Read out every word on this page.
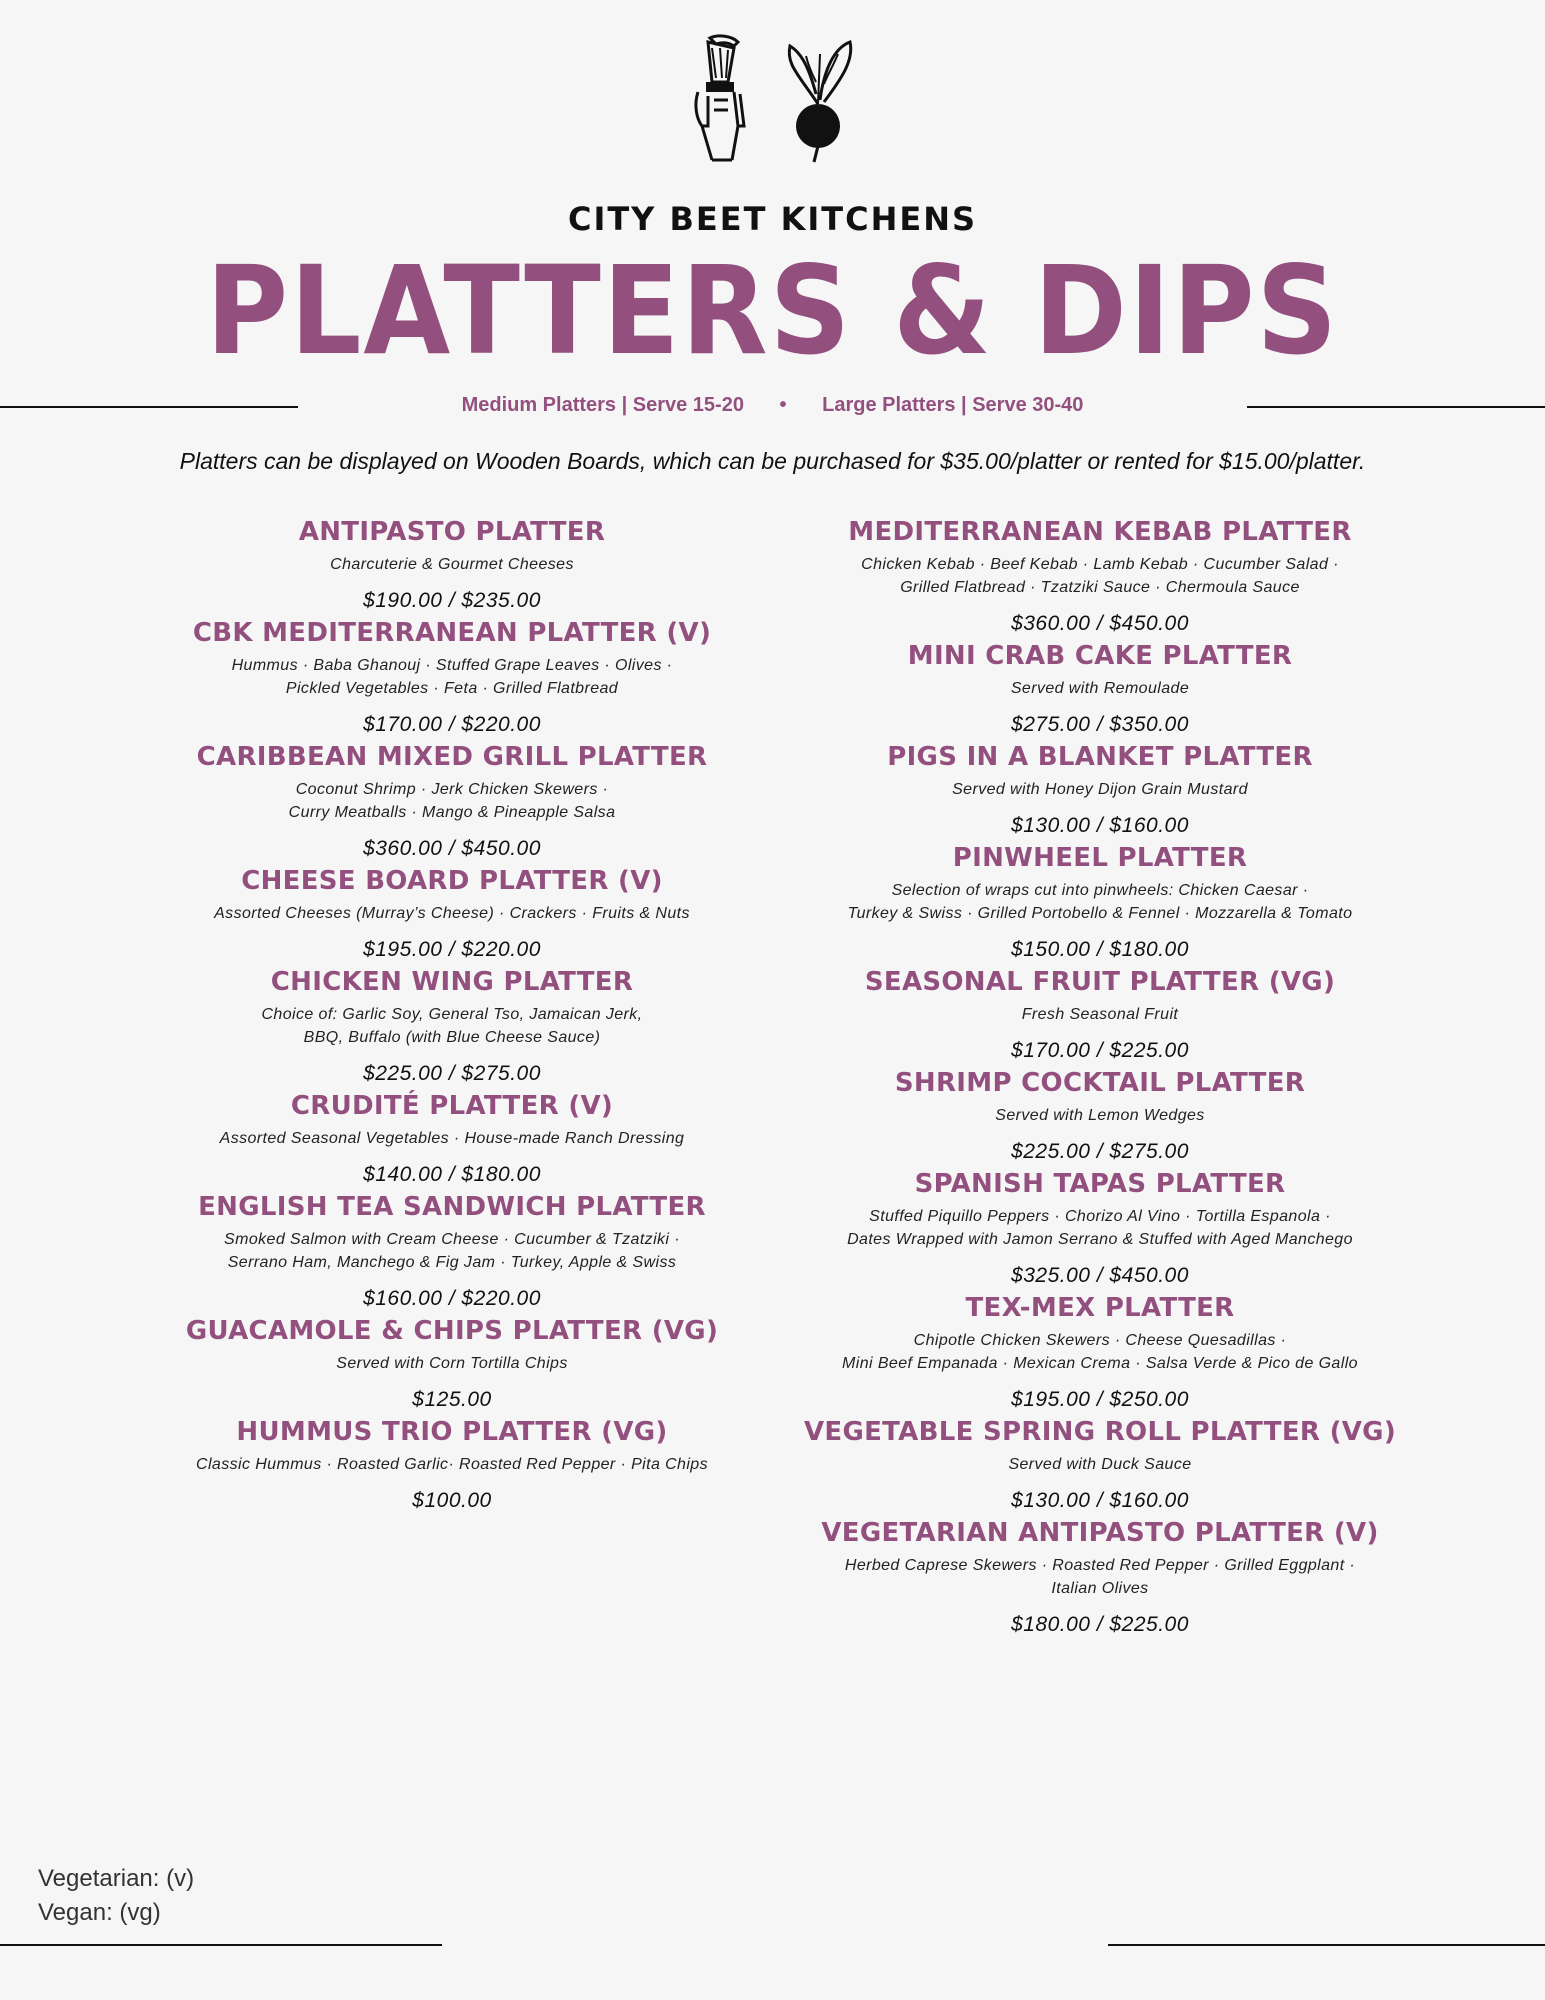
CITY BEET KITCHENS
PLATTERS & DIPS
Medium Platters | Serve 15-20 • Large Platters | Serve 30-40
Platters can be displayed on Wooden Boards, which can be purchased for $35.00/platter or rented for $15.00/platter.
ANTIPASTO PLATTER
Charcuterie & Gourmet Cheeses
$190.00 / $235.00
CBK MEDITERRANEAN PLATTER (V)
Hummus · Baba Ghanouj · Stuffed Grape Leaves · Olives ·
Pickled Vegetables · Feta · Grilled Flatbread
$170.00 / $220.00
CARIBBEAN MIXED GRILL PLATTER
Coconut Shrimp · Jerk Chicken Skewers ·
Curry Meatballs · Mango & Pineapple Salsa
$360.00 / $450.00
CHEESE BOARD PLATTER (V)
Assorted Cheeses (Murray’s Cheese) · Crackers · Fruits & Nuts
$195.00 / $220.00
CHICKEN WING PLATTER
Choice of: Garlic Soy, General Tso, Jamaican Jerk,
BBQ, Buffalo (with Blue Cheese Sauce)
$225.00 / $275.00
CRUDITÉ PLATTER (V)
Assorted Seasonal Vegetables · House-made Ranch Dressing
$140.00 / $180.00
ENGLISH TEA SANDWICH PLATTER
Smoked Salmon with Cream Cheese · Cucumber & Tzatziki ·
Serrano Ham, Manchego & Fig Jam · Turkey, Apple & Swiss
$160.00 / $220.00
GUACAMOLE & CHIPS PLATTER (VG)
Served with Corn Tortilla Chips
$125.00
HUMMUS TRIO PLATTER (VG)
Classic Hummus · Roasted Garlic· Roasted Red Pepper · Pita Chips
$100.00
MEDITERRANEAN KEBAB PLATTER
Chicken Kebab · Beef Kebab · Lamb Kebab · Cucumber Salad ·
Grilled Flatbread · Tzatziki Sauce · Chermoula Sauce
$360.00 / $450.00
MINI CRAB CAKE PLATTER
Served with Remoulade
$275.00 / $350.00
PIGS IN A BLANKET PLATTER
Served with Honey Dijon Grain Mustard
$130.00 / $160.00
PINWHEEL PLATTER
Selection of wraps cut into pinwheels: Chicken Caesar ·
Turkey & Swiss · Grilled Portobello & Fennel · Mozzarella & Tomato
$150.00 / $180.00
SEASONAL FRUIT PLATTER (VG)
Fresh Seasonal Fruit
$170.00 / $225.00
SHRIMP COCKTAIL PLATTER
Served with Lemon Wedges
$225.00 / $275.00
SPANISH TAPAS PLATTER
Stuffed Piquillo Peppers · Chorizo Al Vino · Tortilla Espanola ·
Dates Wrapped with Jamon Serrano & Stuffed with Aged Manchego
$325.00 / $450.00
TEX-MEX PLATTER
Chipotle Chicken Skewers · Cheese Quesadillas ·
Mini Beef Empanada · Mexican Crema · Salsa Verde & Pico de Gallo
$195.00 / $250.00
VEGETABLE SPRING ROLL PLATTER (VG)
Served with Duck Sauce
$130.00 / $160.00
VEGETARIAN ANTIPASTO PLATTER (V)
Herbed Caprese Skewers · Roasted Red Pepper · Grilled Eggplant ·
Italian Olives
$180.00 / $225.00
Vegetarian: (v)
Vegan: (vg)
